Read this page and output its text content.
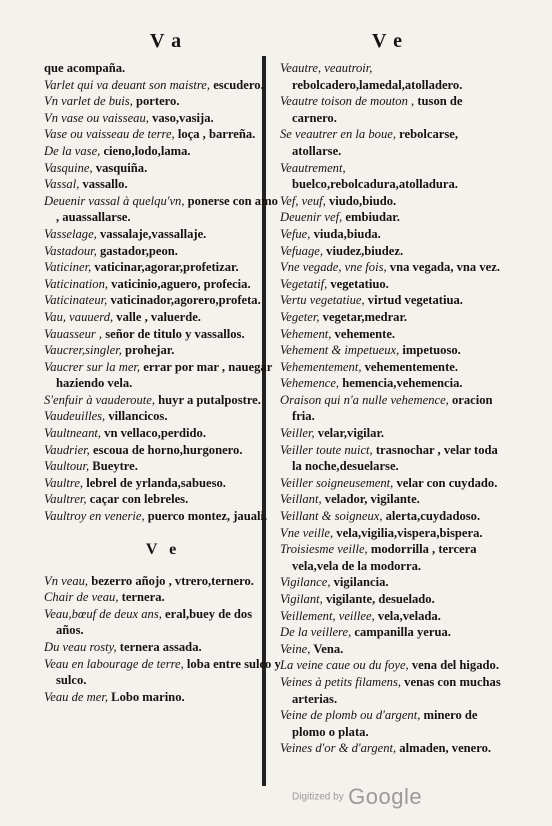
V a	V e

que acompaña.

Varlet qui va deuant son maistre, escudero.

Vn varlet de buis, portero.

Vn vase ou vaisseau, vaso,vasija.

Vase ou vaisseau de terre, loça , barreña.

De la vase, cieno,lodo,lama.

Vasquine, vasquiña.

Vassal, vassallo.

Deuenir vassal à quelqu'vn, ponerse con amo , auassallarse.

Vasselage, vassalaje,vassallaje.

Vastadour, gastador,peon.

Vaticiner, vaticinar,agorar,profetizar.

Vaticination, vaticinio,aguero, profecia.

Vaticinateur, vaticinador,agorero,profeta.

Vau, vauuerd, valle , valuerde.

Vauasseur , señor de titulo y vassallos.

Vaucrer,singler, prohejar.

Vaucrer sur la mer, errar por mar , nauegar haziendo vela.

S'enfuir à vauderoute, huyr a putalpostre.

Vaudeuilles, villancicos.

Vaultneant, vn vellaco,perdido.

Vaudrier, escoua de horno,hurgonero.

Vaultour, Bueytre.

Vaultre, lebrel de yrlanda,sabueso.

Vaultrer, caçar con lebreles.

Vaultroy en venerie, puerco montez, jauali.

V e

Vn veau, bezerro añojo , vtrero,ternero.

Chair de veau, ternera.

Veau,bœuf de deux ans, eral,buey de dos años.

Du veau rosty, ternera assada.

Veau en labourage de terre, loba entre sulco y sulco.

Veau de mer, Lobo marino.

Veautre, veautroir, rebolcadero,lamedal,atolladero.

Veautre toison de mouton , tuson de carnero.

Se veautrer en la boue, rebolcarse, atollarse.

Veautrement, buelco,rebolcadura,atolladura.

Vef, veuf, viudo,biudo.

Deuenir vef, embiudar.

Vefue, viuda,biuda.

Vefuage, viudez,biudez.

Vne vegade, vne fois, vna vegada, vna vez.

Vegetatif, vegetatiuo.

Vertu vegetatiue, virtud vegetatiua.

Vegeter, vegetar,medrar.

Vehement, vehemente.

Vehement & impetueux, impetuoso.

Vehementement, vehementemente.

Vehemence, hemencia,vehemencia.

Oraison qui n'a nulle vehemence, oracion fria.

Veiller, velar,vigilar.

Veiller toute nuict, trasnochar , velar toda la noche,desuelarse.

Veiller soigneusement, velar con cuydado.

Veillant, velador, vigilante.

Veillant & soigneux, alerta,cuydadoso.

Vne veille, vela,vigilia,vispera,bispera.

Troisiesme veille, modorrilla , tercera vela,vela de la modorra.

Vigilance, vigilancia.

Vigilant, vigilante, desuelado.

Veillement, veillee, vela,velada.

De la veillere, campanilla yerua.

Veine, Vena.

La veine caue ou du foye, vena del higado.

Veines à petits filamens, venas con muchas arterias.

Veine de plomb ou d'argent, minero de plomo o plata.

Veines d'or & d'argent, almaden, venero.

Digitized by Google
